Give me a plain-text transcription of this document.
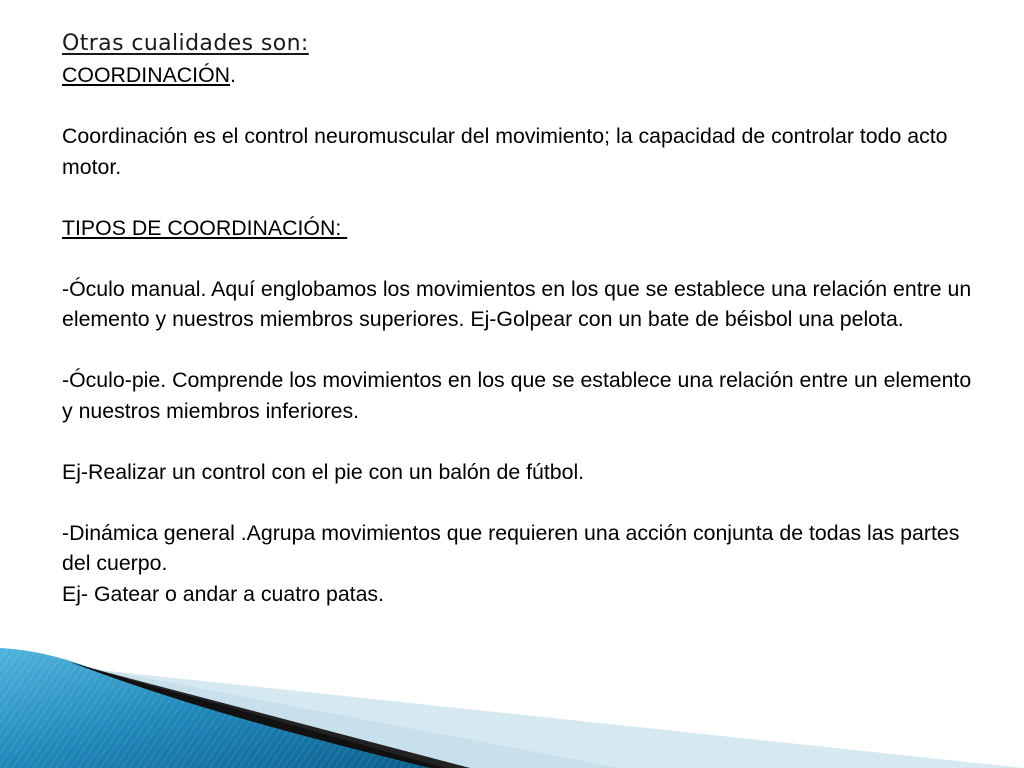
Otras cualidades son:

COORDINACIÓN.

Coordinación es el control neuromuscular del movimiento; la capacidad de controlar todo acto motor.

TIPOS DE COORDINACIÓN:

-Óculo manual. Aquí englobamos los movimientos en los que se establece una relación entre un elemento y nuestros miembros superiores. Ej-Golpear con un bate de béisbol una pelota.

-Óculo-pie. Comprende los movimientos en los que se establece una relación entre un elemento y nuestros miembros inferiores.

Ej-Realizar un control con el pie con un balón de fútbol.

-Dinámica general .Agrupa movimientos que requieren una acción conjunta de todas las partes del cuerpo.

Ej- Gatear o andar a cuatro patas.
